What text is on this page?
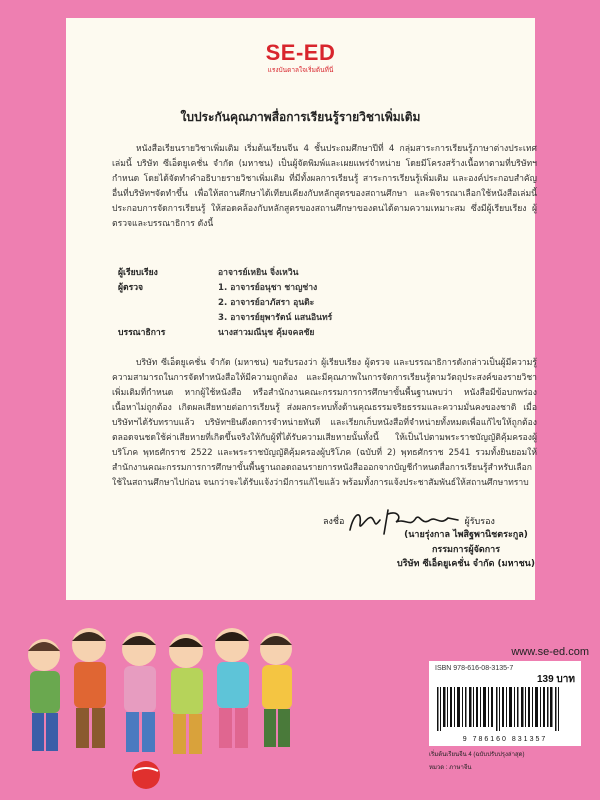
SE-ED
แรงบันดาลใจเริ่มต้นที่นี่
ใบประกันคุณภาพสื่อการเรียนรู้รายวิชาเพิ่มเติม

หนังสือเรียนรายวิชาเพิ่มเติม เริ่มต้นเรียนจีน 4 ชั้นประถมศึกษาปีที่ 4 กลุ่มสาระการเรียนรู้ภาษาต่างประเทศเล่มนี้ บริษัท ซีเอ็ดยูเคชั่น จำกัด (มหาชน) เป็นผู้จัดพิมพ์และเผยแพร่จำหน่าย โดยมีโครงสร้างเนื้อหาตามที่บริษัทฯกำหนด โดยได้จัดทำคำอธิบายรายวิชาเพิ่มเติม ที่มีทั้งผลการเรียนรู้ สาระการเรียนรู้เพิ่มเติม และองค์ประกอบสำคัญอื่นที่บริษัทฯจัดทำขึ้น เพื่อให้สถานศึกษาได้เทียบเคียงกับหลักสูตรของสถานศึกษา และพิจารณาเลือกใช้หนังสือเล่มนี้ประกอบการจัดการเรียนรู้ ให้สอดคล้องกับหลักสูตรของสถานศึกษาของตนได้ตามความเหมาะสม ซึ่งมีผู้เรียบเรียง ผู้ตรวจและบรรณาธิการ ดังนี้

ผู้เรียบเรียง	อาจารย์เหยิน จิ่งเหวิน
ผู้ตรวจ	1. อาจารย์อนุชา ชาญช่าง
2. อาจารย์อาภัสรา อุนดิะ
3. อาจารย์ยุพารัตน์ แสนอินทร์
บรรณาธิการ	นางสาวมณีนุช คุ้มจคลชัย

บริษัท ซีเอ็ดยูเคชั่น จำกัด (มหาชน) ขอรับรองว่า ผู้เรียบเรียง ผู้ตรวจ และบรรณาธิการดังกล่าวเป็นผู้มีความรู้ความสามารถในการจัดทำหนังสือให้มีความถูกต้อง และมีคุณภาพในการจัดการเรียนรู้ตามวัตถุประสงค์ของรายวิชาเพิ่มเติมที่กำหนด หากผู้ใช้หนังสือ หรือสำนักงานคณะกรรมการการศึกษาขั้นพื้นฐานพบว่า หนังสือมีข้อบกพร่อง เนื้อหาไม่ถูกต้อง เกิดผลเสียหายต่อการเรียนรู้ ส่งผลกระทบทั้งด้านคุณธรรมจริยธรรมและความมั่นคงของชาติ เมื่อบริษัทฯได้รับทราบแล้ว บริษัทฯยินดีงดการจำหน่ายทันที และเรียกเก็บหนังสือที่จำหน่ายทั้งหมดเพื่อแก้ไขให้ถูกต้อง ตลอดจนชดใช้ค่าเสียหายที่เกิดขึ้นจริงให้กับผู้ที่ได้รับความเสียหายนั้นทั้งนี้ ให้เป็นไปตามพระราชบัญญัติคุ้มครองผู้บริโภค พุทธศักราช 2522 และพระราชบัญญัติคุ้มครองผู้บริโภค (ฉบับที่ 2) พุทธศักราช 2541 รวมทั้งยินยอมให้สำนักงานคณะกรรมการการศึกษาขั้นพื้นฐานถอดถอนรายการหนังสือออกจากบัญชีกำหนดสื่อการเรียนรู้สำหรับเลือกใช้ในสถานศึกษาไปก่อน จนกว่าจะได้รับแจ้งว่ามีการแก้ไขแล้ว พร้อมทั้งการแจ้งประชาสัมพันธ์ให้สถานศึกษาทราบ

ลงชื่อ	ผู้รับรอง
(นายรุ่งกาล ไพสิฐพานิชตระกูล)
กรรมการผู้จัดการ
บริษัท ซีเอ็ดยูเคชั่น จำกัด (มหาชน)
www.se-ed.com
ISBN 978-616-08-3135-7
139 บาท
9 786160 831357
เริ่มต้นเรียนจีน 4 (ฉบับปรับปรุงล่าสุด)
หมวด : ภาษาจีน
